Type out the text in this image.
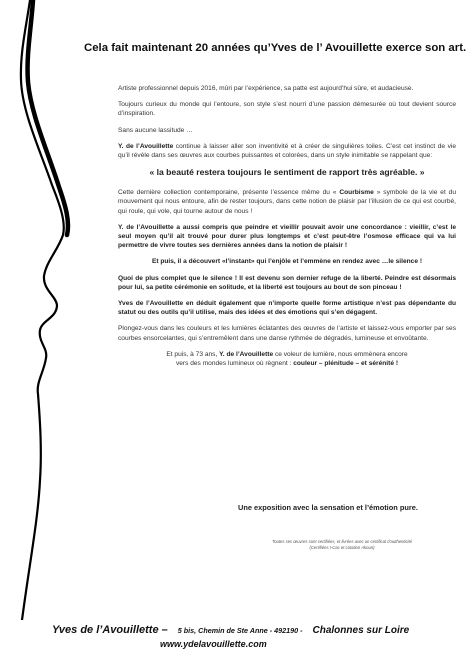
Cela fait maintenant 20 années qu’Yves de l’ Avouillette exerce son art.

Artiste professionnel depuis 2016, mûri par l’expérience, sa patte est aujourd’hui sûre, et audacieuse.

Toujours curieux du monde qui l’entoure, son style s’est nourri d’une passion démesurée où tout devient source d’inspiration.

Sans aucune lassitude …

Y. de l’Avouillette continue à laisser aller son inventivité et à créer de singulières toiles. C’est cet instinct de vie qu’il révèle dans ses œuvres aux courbes puissantes et colorées, dans un style inimitable se rappelant que:

« la beauté restera toujours le sentiment de rapport très agréable. »

Cette dernière collection contemporaine, présente l’essence même du « Courbisme » symbole de la vie et du mouvement qui nous entoure, afin de rester toujours, dans cette notion de plaisir par l’illusion de ce qui est courbé, qui roule, qui vole, qui tourne autour de nous !

Y. de l’Avouillette a aussi compris que peindre et vieillir pouvait avoir une concordance : vieillir, c’est le seul moyen qu’il ait trouvé pour durer plus longtemps et c’est peut-être l’osmose efficace qui va lui permettre de vivre toutes ses dernières années dans la notion de plaisir !

Et puis, il a découvert «l’instant» qui l’enjôle et l’emmène en rendez avec …le silence !

Quoi de plus complet que le silence ! Il est devenu son dernier refuge de la liberté. Peindre est désormais pour lui, sa petite cérémonie en solitude, et la liberté est toujours au bout de son pinceau !

Yves de l’Avouillette en déduit également que n’importe quelle forme artistique n’est pas dépendante du statut ou des outils qu’il utilise, mais des idées et des émotions qui s’en dégagent.

Plongez-vous dans les couleurs et les lumières éclatantes des œuvres de l’artiste et laissez-vous emporter par ses courbes ensorcelantes, qui s’entremêlent dans une danse rythmée de dégradés, lumineuse et envoûtante.

Et puis, à 73 ans, Y. de l’Avouillette ce voleur de lumière, nous emmènera encore
vers des mondes lumineux où règnent : couleur – plénitude – et sérénité !

Une exposition avec la sensation et l’émotion pure.
Toutes ses œuvres sont certifiées, et livrées avec un certificat d’authenticité
(Certifiées I-Cac et cotation Akoun)
Yves de l’Avouillette – 5 bis, Chemin de Ste Anne - 492190 - Chalonnes sur Loire
www.ydelavouillette.com
